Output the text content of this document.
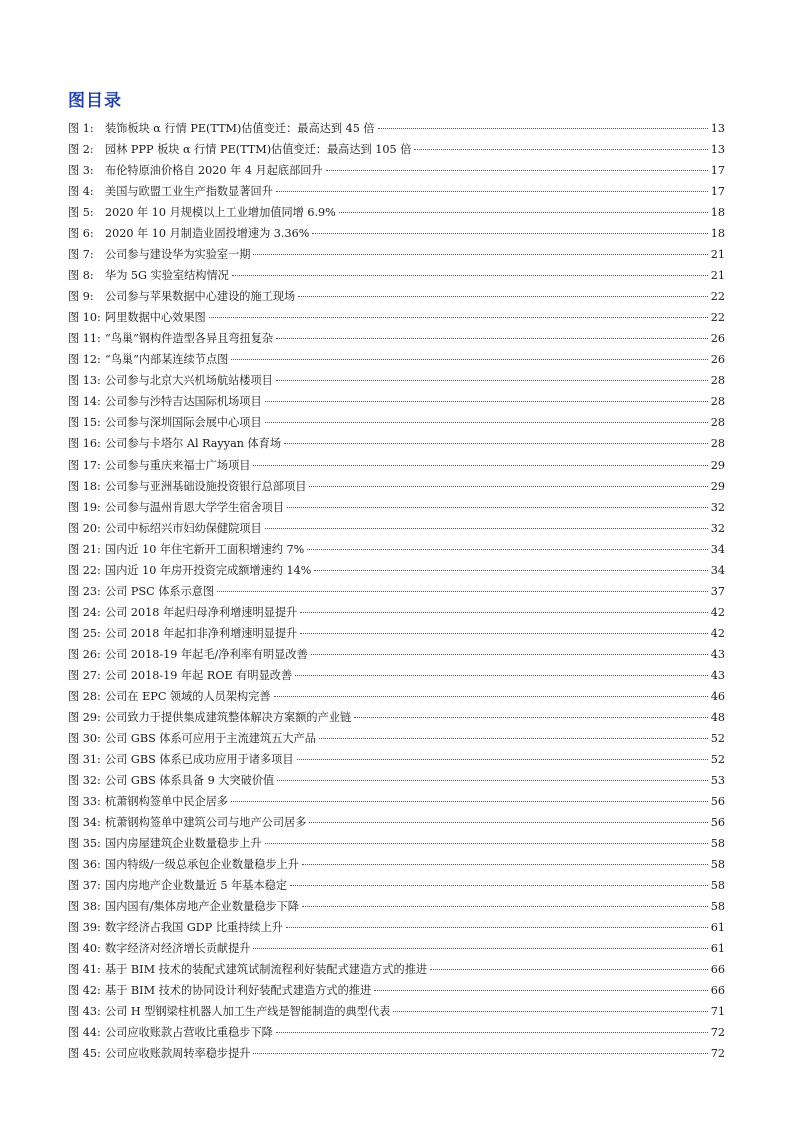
图目录
图 1:	装饰板块 α 行情 PE(TTM)估值变迁：最高达到 45 倍	13
图 2:	园林 PPP 板块 α 行情 PE(TTM)估值变迁：最高达到 105 倍	13
图 3:	布伦特原油价格自 2020 年 4 月起底部回升	17
图 4:	美国与欧盟工业生产指数显著回升	17
图 5:	2020 年 10 月规模以上工业增加值同增 6.9%	18
图 6:	2020 年 10 月制造业固投增速为 3.36%	18
图 7:	公司参与建设华为实验室一期	21
图 8:	华为 5G 实验室结构情况	21
图 9:	公司参与苹果数据中心建设的施工现场	22
图 10: 阿里数据中心效果图	22
图 11: “鸟巢”钢构件造型各异且弯扭复杂	26
图 12: “鸟巢”内部某连续节点图	26
图 13: 公司参与北京大兴机场航站楼项目	28
图 14: 公司参与沙特吉达国际机场项目	28
图 15: 公司参与深圳国际会展中心项目	28
图 16: 公司参与卡塔尔 Al Rayyan 体育场	28
图 17: 公司参与重庆来福士广场项目	29
图 18: 公司参与亚洲基础设施投资银行总部项目	29
图 19: 公司参与温州肯恩大学学生宿舍项目	32
图 20: 公司中标绍兴市妇幼保健院项目	32
图 21: 国内近 10 年住宅新开工面积增速约 7%	34
图 22: 国内近 10 年房开投资完成额增速约 14%	34
图 23: 公司 PSC 体系示意图	37
图 24: 公司 2018 年起归母净利增速明显提升	42
图 25: 公司 2018 年起扣非净利增速明显提升	42
图 26: 公司 2018-19 年起毛/净利率有明显改善	43
图 27: 公司 2018-19 年起 ROE 有明显改善	43
图 28: 公司在 EPC 领域的人员架构完善	46
图 29: 公司致力于提供集成建筑整体解决方案额的产业链	48
图 30: 公司 GBS 体系可应用于主流建筑五大产品	52
图 31: 公司 GBS 体系已成功应用于诸多项目	52
图 32: 公司 GBS 体系具备 9 大突破价值	53
图 33: 杭萧钢构签单中民企居多	56
图 34: 杭萧钢构签单中建筑公司与地产公司居多	56
图 35: 国内房屋建筑企业数量稳步上升	58
图 36: 国内特级/一级总承包企业数量稳步上升	58
图 37: 国内房地产企业数量近 5 年基本稳定	58
图 38: 国内国有/集体房地产企业数量稳步下降	58
图 39: 数字经济占我国 GDP 比重持续上升	61
图 40: 数字经济对经济增长贡献提升	61
图 41: 基于 BIM 技术的装配式建筑试制流程利好装配式建造方式的推进	66
图 42: 基于 BIM 技术的协同设计利好装配式建造方式的推进	66
图 43: 公司 H 型钢梁柱机器人加工生产线是智能制造的典型代表	71
图 44: 公司应收账款占营收比重稳步下降	72
图 45: 公司应收账款周转率稳步提升	72
